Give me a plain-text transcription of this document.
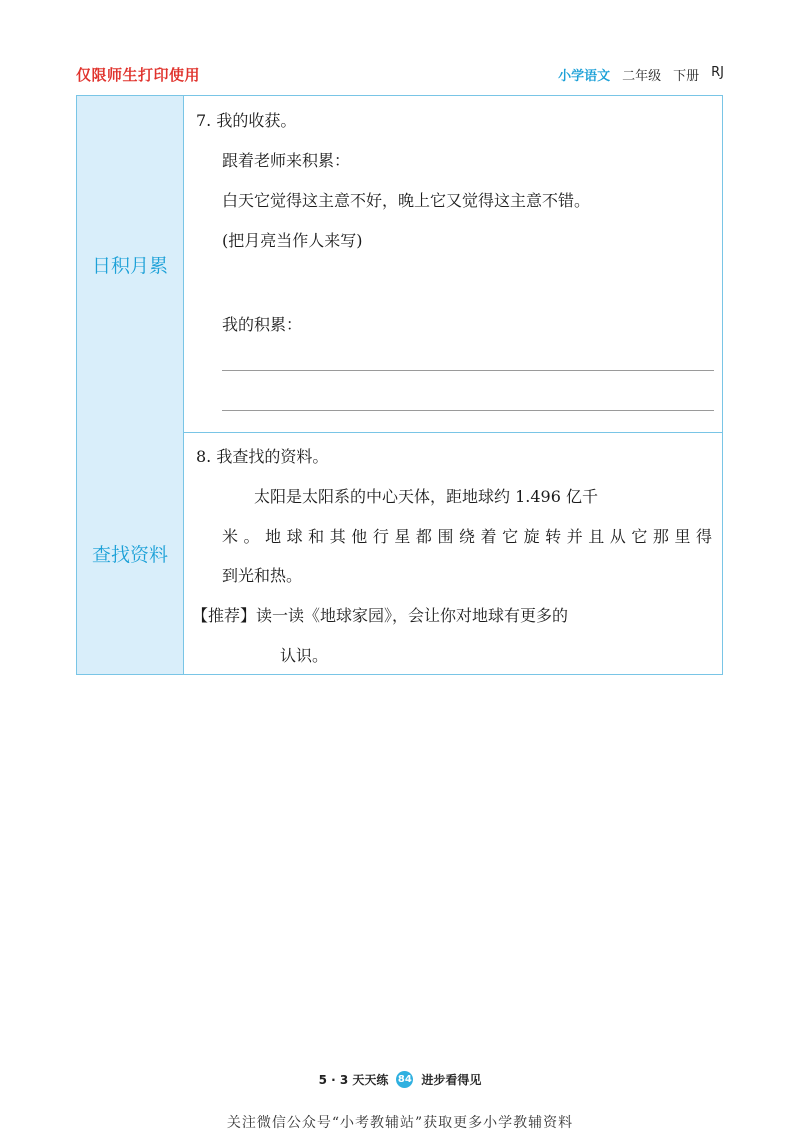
仅限师生打印使用	小学语文 二年级 下册 RJ
日积月累
7. 我的收获。
跟着老师来积累：
白天它觉得这主意不好，晚上它又觉得这主意不错。
(把月亮当作人来写)
我的积累：
查找资料
8. 我查找的资料。
太阳是太阳系的中心天体，距地球约 1.496 亿千
米。地球和其他行星都围绕着它旋转并且从它那里得
到光和热。
【推荐】读一读《地球家园》，会让你对地球有更多的
认识。
5 · 3 天天练 84 进步看得见
关注微信公众号“小考教辅站”获取更多小学教辅资料
